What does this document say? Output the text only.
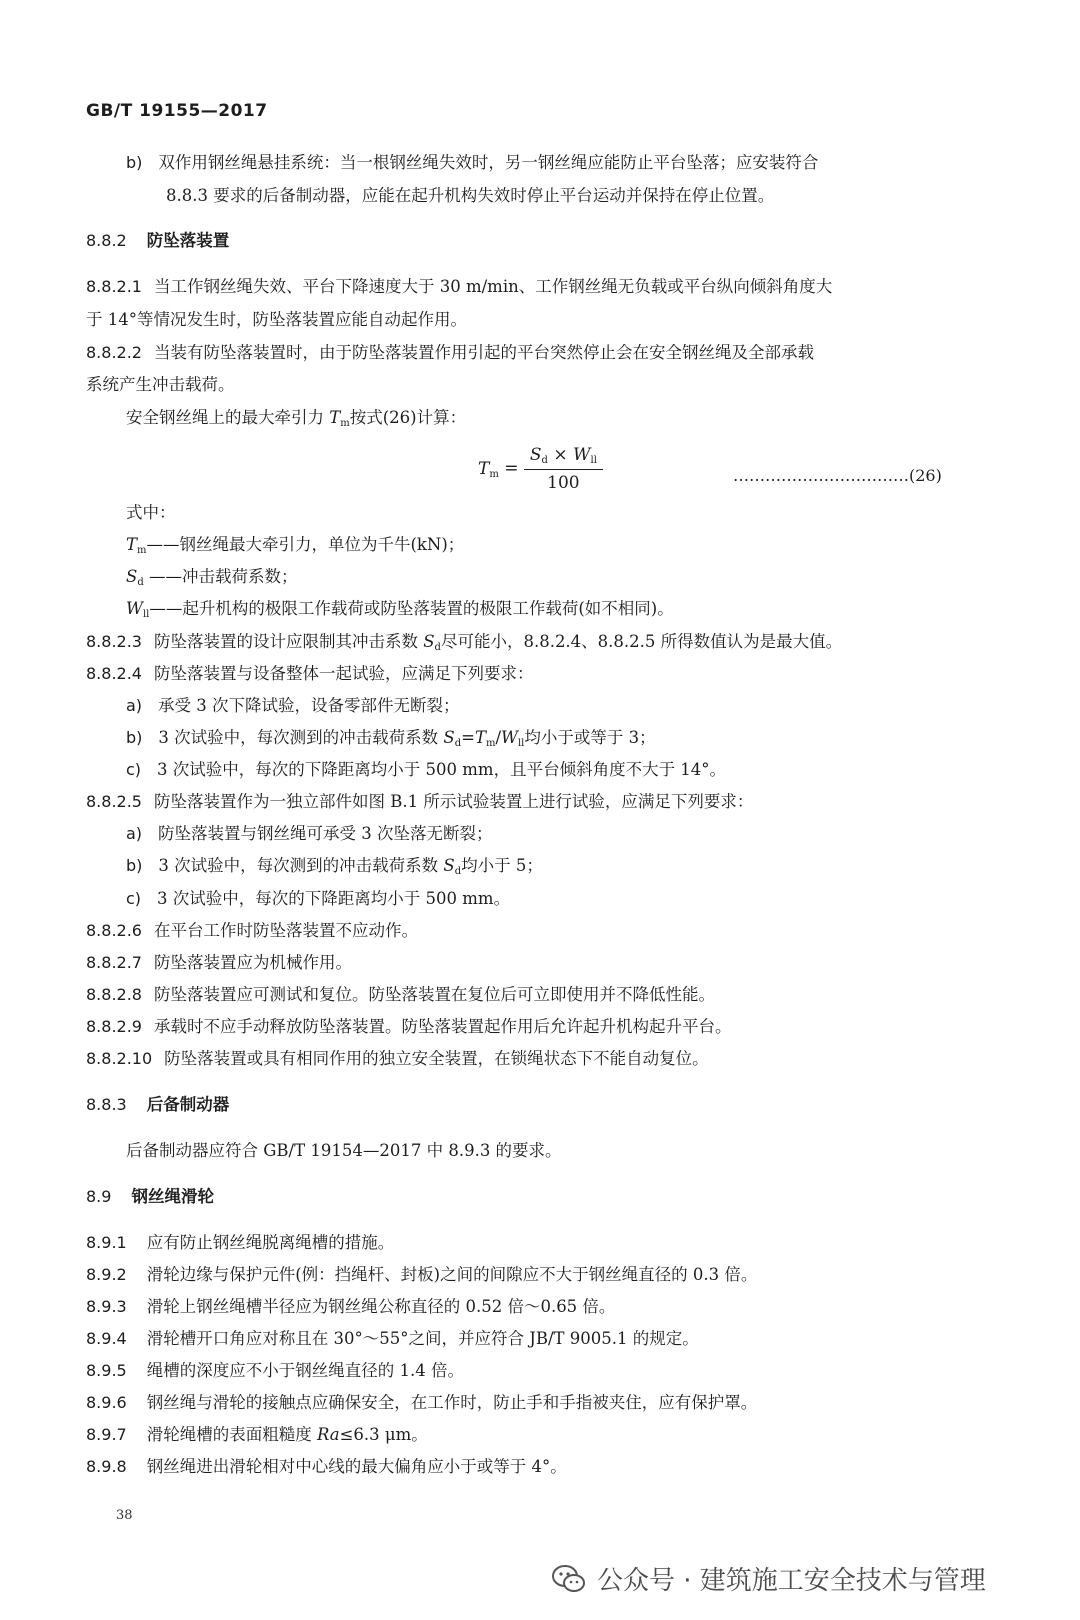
GB/T 19155—2017
b) 双作用钢丝绳悬挂系统：当一根钢丝绳失效时，另一钢丝绳应能防止平台坠落；应安装符合
8.8.3 要求的后备制动器，应能在起升机构失效时停止平台运动并保持在停止位置。
8.8.2 防坠落装置
8.8.2.1 当工作钢丝绳失效、平台下降速度大于 30 m/min、工作钢丝绳无负载或平台纵向倾斜角度大
于 14°等情况发生时，防坠落装置应能自动起作用。
8.8.2.2 当装有防坠落装置时，由于防坠落装置作用引起的平台突然停止会在安全钢丝绳及全部承载
系统产生冲击载荷。
安全钢丝绳上的最大牵引力 $T_m$按式(26)计算：
式中：
$T_m——$钢丝绳最大牵引力，单位为千牛(kN)；
$S_d$ ——冲击载荷系数；
$W_{ll}——$起升机构的极限工作载荷或防坠落装置的极限工作载荷(如不相同)。
8.8.2.3 防坠落装置的设计应限制其冲击系数 $S_d$尽可能小，8.8.2.4、8.8.2.5 所得数值认为是最大值。
8.8.2.4 防坠落装置与设备整体一起试验，应满足下列要求：
a) 承受 3 次下降试验，设备零部件无断裂；
b) 3 次试验中，每次测到的冲击载荷系数 $S_d=T_m/W_{ll}$均小于或等于 3；
c) 3 次试验中，每次的下降距离均小于 500 mm，且平台倾斜角度不大于 14°。
8.8.2.5 防坠落装置作为一独立部件如图 B.1 所示试验装置上进行试验，应满足下列要求：
a) 防坠落装置与钢丝绳可承受 3 次坠落无断裂；
b) 3 次试验中，每次测到的冲击载荷系数 $S_d$均小于 5；
c) 3 次试验中，每次的下降距离均小于 500 mm。
8.8.2.6 在平台工作时防坠落装置不应动作。
8.8.2.7 防坠落装置应为机械作用。
8.8.2.8 防坠落装置应可测试和复位。防坠落装置在复位后可立即使用并不降低性能。
8.8.2.9 承载时不应手动释放防坠落装置。防坠落装置起作用后允许起升机构起升平台。
8.8.2.10 防坠落装置或具有相同作用的独立安全装置，在锁绳状态下不能自动复位。
8.8.3 后备制动器
后备制动器应符合 GB/T 19154—2017 中 8.9.3 的要求。
8.9 钢丝绳滑轮
8.9.1 应有防止钢丝绳脱离绳槽的措施。
8.9.2 滑轮边缘与保护元件(例：挡绳杆、封板)之间的间隙应不大于钢丝绳直径的 0.3 倍。
8.9.3 滑轮上钢丝绳槽半径应为钢丝绳公称直径的 0.52 倍～0.65 倍。
8.9.4 滑轮槽开口角应对称且在 30°～55°之间，并应符合 JB/T 9005.1 的规定。
8.9.5 绳槽的深度应不小于钢丝绳直径的 1.4 倍。
8.9.6 钢丝绳与滑轮的接触点应确保安全，在工作时，防止手和手指被夹住，应有保护罩。
8.9.7 滑轮绳槽的表面粗糙度 Ra≤6.3 μm。
8.9.8 钢丝绳进出滑轮相对中心线的最大偏角应小于或等于 4°。
$T_m = \frac{S_d \times W_{ll}}{100}$	……………………………(26)
38
公众号 · 建筑施工安全技术与管理
